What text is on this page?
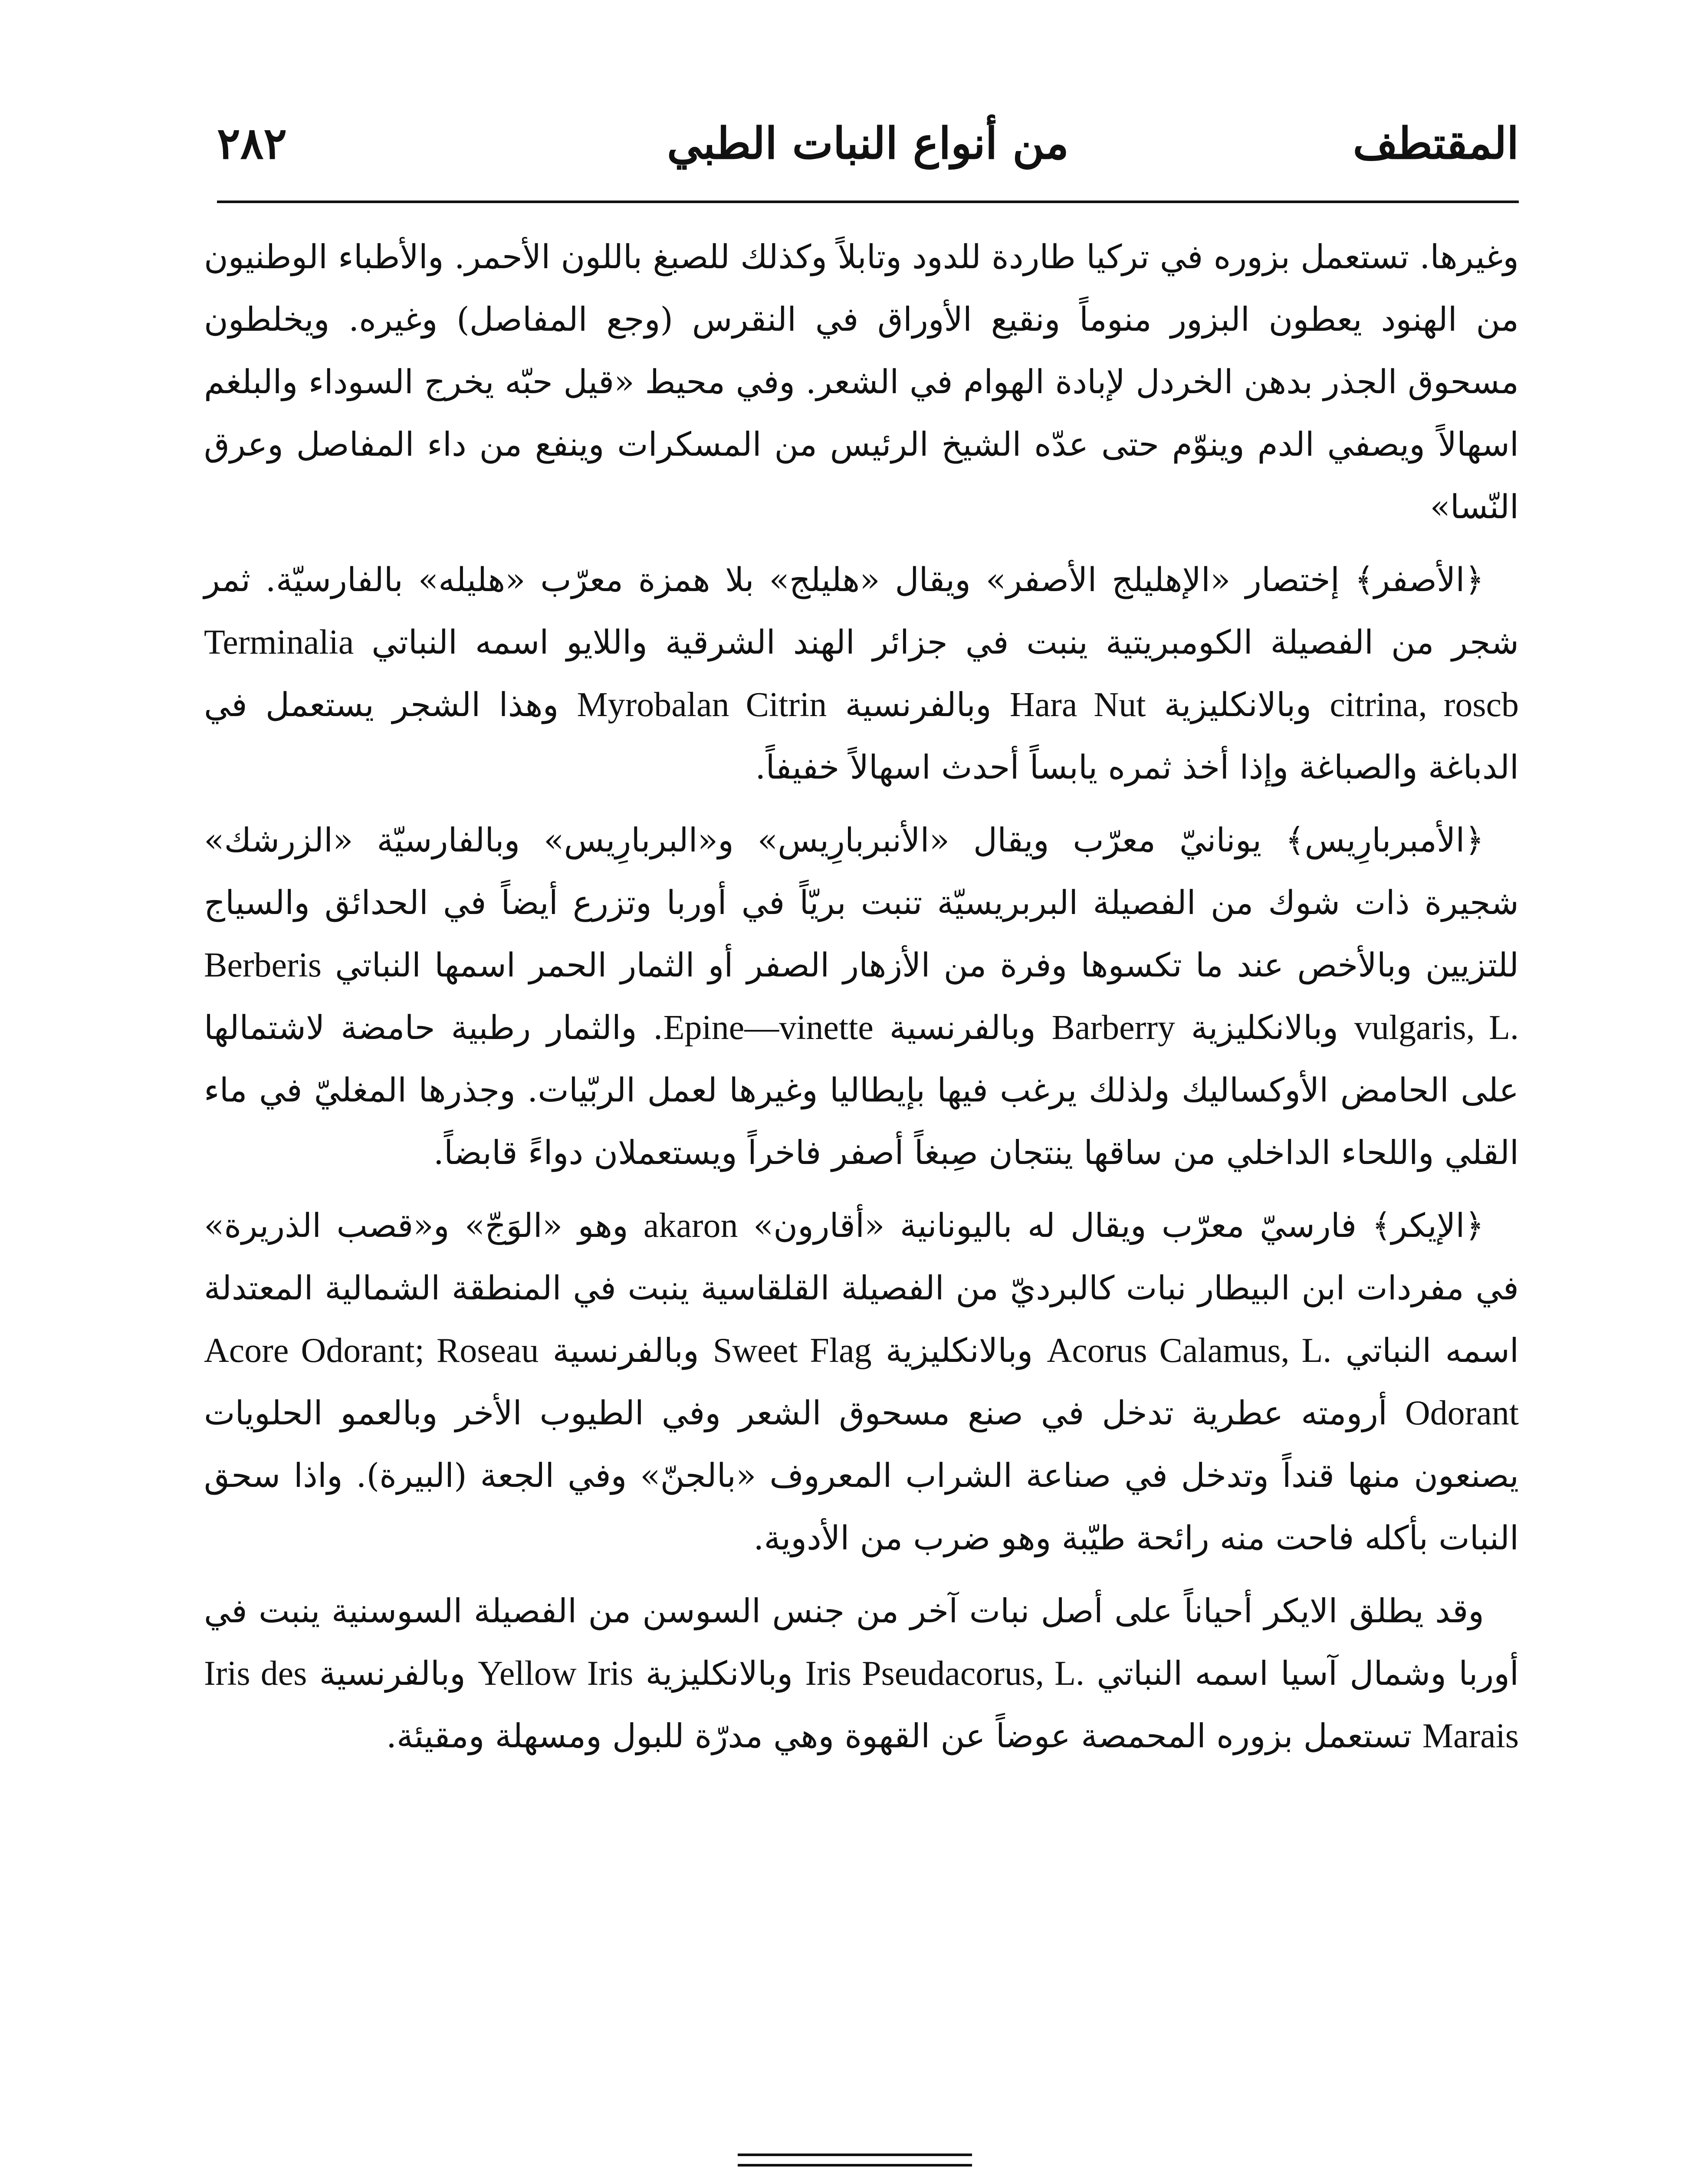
المقتطف
من أنواع النبات الطبي
٢٨٢

وغيرها. تستعمل بزوره في تركيا طاردة للدود وتابلاً وكذلك للصبغ باللون الأحمر. والأطباء الوطنيون من الهنود يعطون البزور منوماً ونقيع الأوراق في النقرس (وجع المفاصل) وغيره. ويخلطون مسحوق الجذر بدهن الخردل لإبادة الهوام في الشعر. وفي محيط «قيل حبّه يخرج السوداء والبلغم اسهالاً ويصفي الدم وينوّم حتى عدّه الشيخ الرئيس من المسكرات وينفع من داء المفاصل وعرق النّسا»

﴿الأصفر﴾ إختصار «الإهليلج الأصفر» ويقال «هليلج» بلا همزة معرّب «هليله» بالفارسيّة. ثمر شجر من الفصيلة الكومبريتية ينبت في جزائر الهند الشرقية واللايو اسمه النباتي Terminalia citrina, roscb وبالانكليزية Hara Nut وبالفرنسية Myrobalan Citrin وهذا الشجر يستعمل في الدباغة والصباغة وإذا أخذ ثمره يابساً أحدث اسهالاً خفيفاً.

﴿الأمبربارِيس﴾ يونانيّ معرّب ويقال «الأنبربارِيس» و«البربارِيس» وبالفارسيّة «الزرشك» شجيرة ذات شوك من الفصيلة البربريسيّة تنبت بريّاً في أوربا وتزرع أيضاً في الحدائق والسياج للتزيين وبالأخص عند ما تكسوها وفرة من الأزهار الصفر أو الثمار الحمر اسمها النباتي Berberis vulgaris, L. وبالانكليزية Barberry وبالفرنسية Epine—vinette. والثمار رطبية حامضة لاشتمالها على الحامض الأوكساليك ولذلك يرغب فيها بإيطاليا وغيرها لعمل الربّيات. وجذرها المغليّ في ماء القلي واللحاء الداخلي من ساقها ينتجان صِبغاً أصفر فاخراً ويستعملان دواءً قابضاً.

﴿الإيكر﴾ فارسيّ معرّب ويقال له باليونانية «أقارون» akaron وهو «الوَجّ» و«قصب الذريرة» في مفردات ابن البيطار نبات كالبرديّ من الفصيلة القلقاسية ينبت في المنطقة الشمالية المعتدلة اسمه النباتي Acorus Calamus, L. وبالانكليزية Sweet Flag وبالفرنسية Acore Odorant; Roseau Odorant أرومته عطرية تدخل في صنع مسحوق الشعر وفي الطيوب الأخر وبالعمو الحلويات يصنعون منها قنداً وتدخل في صناعة الشراب المعروف «بالجنّ» وفي الجعة (البيرة). واذا سحق النبات بأكله فاحت منه رائحة طيّبة وهو ضرب من الأدوية.

وقد يطلق الايكر أحياناً على أصل نبات آخر من جنس السوسن من الفصيلة السوسنية ينبت في أوربا وشمال آسيا اسمه النباتي Iris Pseudacorus, L. وبالانكليزية Yellow Iris وبالفرنسية Iris des Marais تستعمل بزوره المحمصة عوضاً عن القهوة وهي مدرّة للبول ومسهلة ومقيئة.
